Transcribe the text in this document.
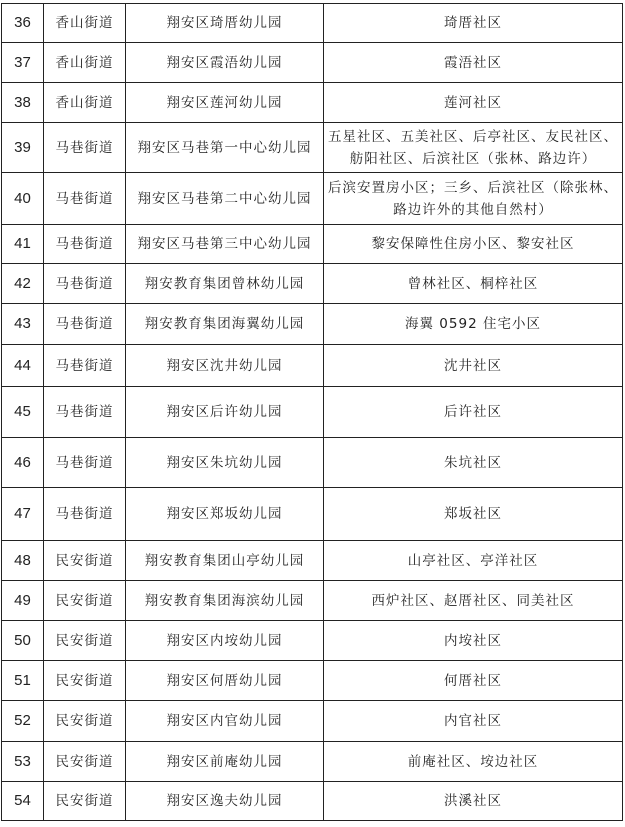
36	香山街道	翔安区琦厝幼儿园	琦厝社区
37	香山街道	翔安区霞浯幼儿园	霞浯社区
38	香山街道	翔安区莲河幼儿园	莲河社区
39	马巷街道	翔安区马巷第一中心幼儿园	五星社区、五美社区、后亭社区、友民社区、舫阳社区、后滨社区（张林、路边许）
40	马巷街道	翔安区马巷第二中心幼儿园	后滨安置房小区；三乡、后滨社区（除张林、路边许外的其他自然村）
41	马巷街道	翔安区马巷第三中心幼儿园	黎安保障性住房小区、黎安社区
42	马巷街道	翔安教育集团曾林幼儿园	曾林社区、桐梓社区
43	马巷街道	翔安教育集团海翼幼儿园	海翼 0592 住宅小区
44	马巷街道	翔安区沈井幼儿园	沈井社区
45	马巷街道	翔安区后许幼儿园	后许社区
46	马巷街道	翔安区朱坑幼儿园	朱坑社区
47	马巷街道	翔安区郑坂幼儿园	郑坂社区
48	民安街道	翔安教育集团山亭幼儿园	山亭社区、亭洋社区
49	民安街道	翔安教育集团海滨幼儿园	西炉社区、赵厝社区、同美社区
50	民安街道	翔安区内垵幼儿园	内垵社区
51	民安街道	翔安区何厝幼儿园	何厝社区
52	民安街道	翔安区内官幼儿园	内官社区
53	民安街道	翔安区前庵幼儿园	前庵社区、垵边社区
54	民安街道	翔安区逸夫幼儿园	洪溪社区
